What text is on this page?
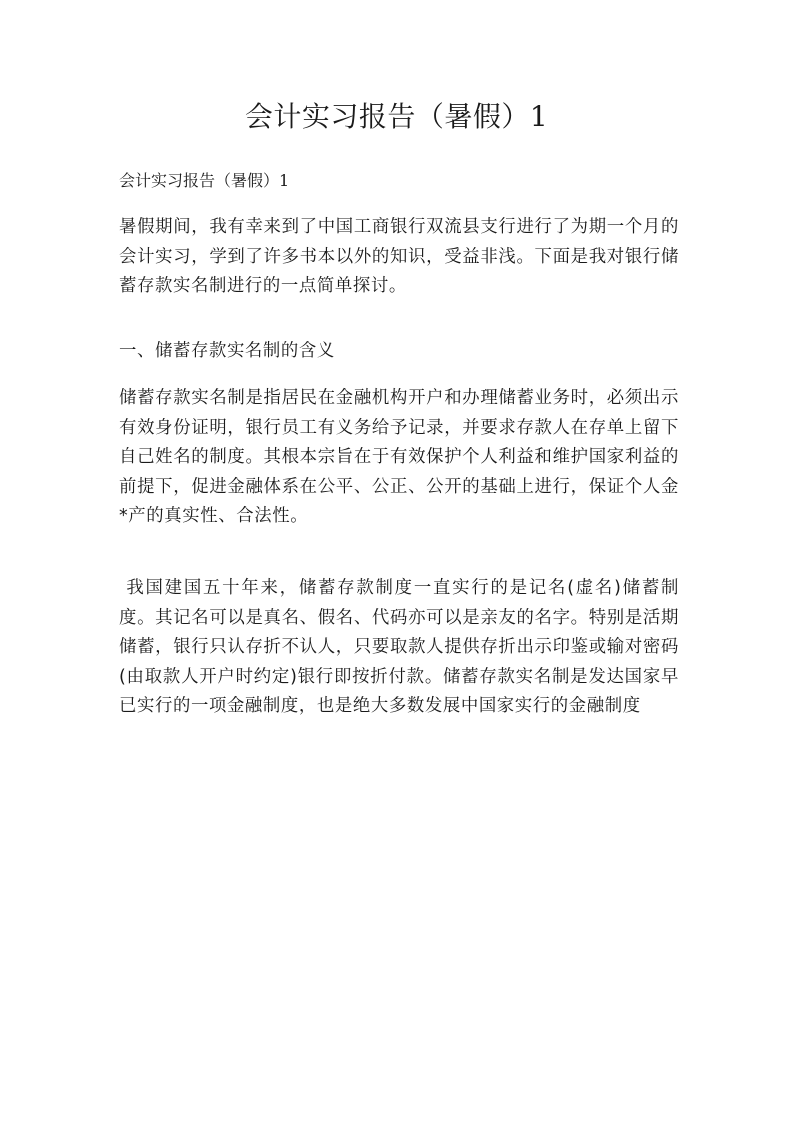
会计实习报告（暑假）1

会计实习报告（暑假）1

暑假期间，我有幸来到了中国工商银行双流县支行进行了为期一个月的会计实习，学到了许多书本以外的知识，受益非浅。下面是我对银行储蓄存款实名制进行的一点简单探讨。

一、储蓄存款实名制的含义

储蓄存款实名制是指居民在金融机构开户和办理储蓄业务时，必须出示有效身份证明，银行员工有义务给予记录，并要求存款人在存单上留下自己姓名的制度。其根本宗旨在于有效保护个人利益和维护国家利益的前提下，促进金融体系在公平、公正、公开的基础上进行，保证个人金*产的真实性、合法性。

我国建国五十年来，储蓄存款制度一直实行的是记名(虚名)储蓄制度。其记名可以是真名、假名、代码亦可以是亲友的名字。特别是活期储蓄，银行只认存折不认人，只要取款人提供存折出示印鉴或输对密码(由取款人开户时约定)银行即按折付款。储蓄存款实名制是发达国家早已实行的一项金融制度，也是绝大多数发展中国家实行的金融制度
